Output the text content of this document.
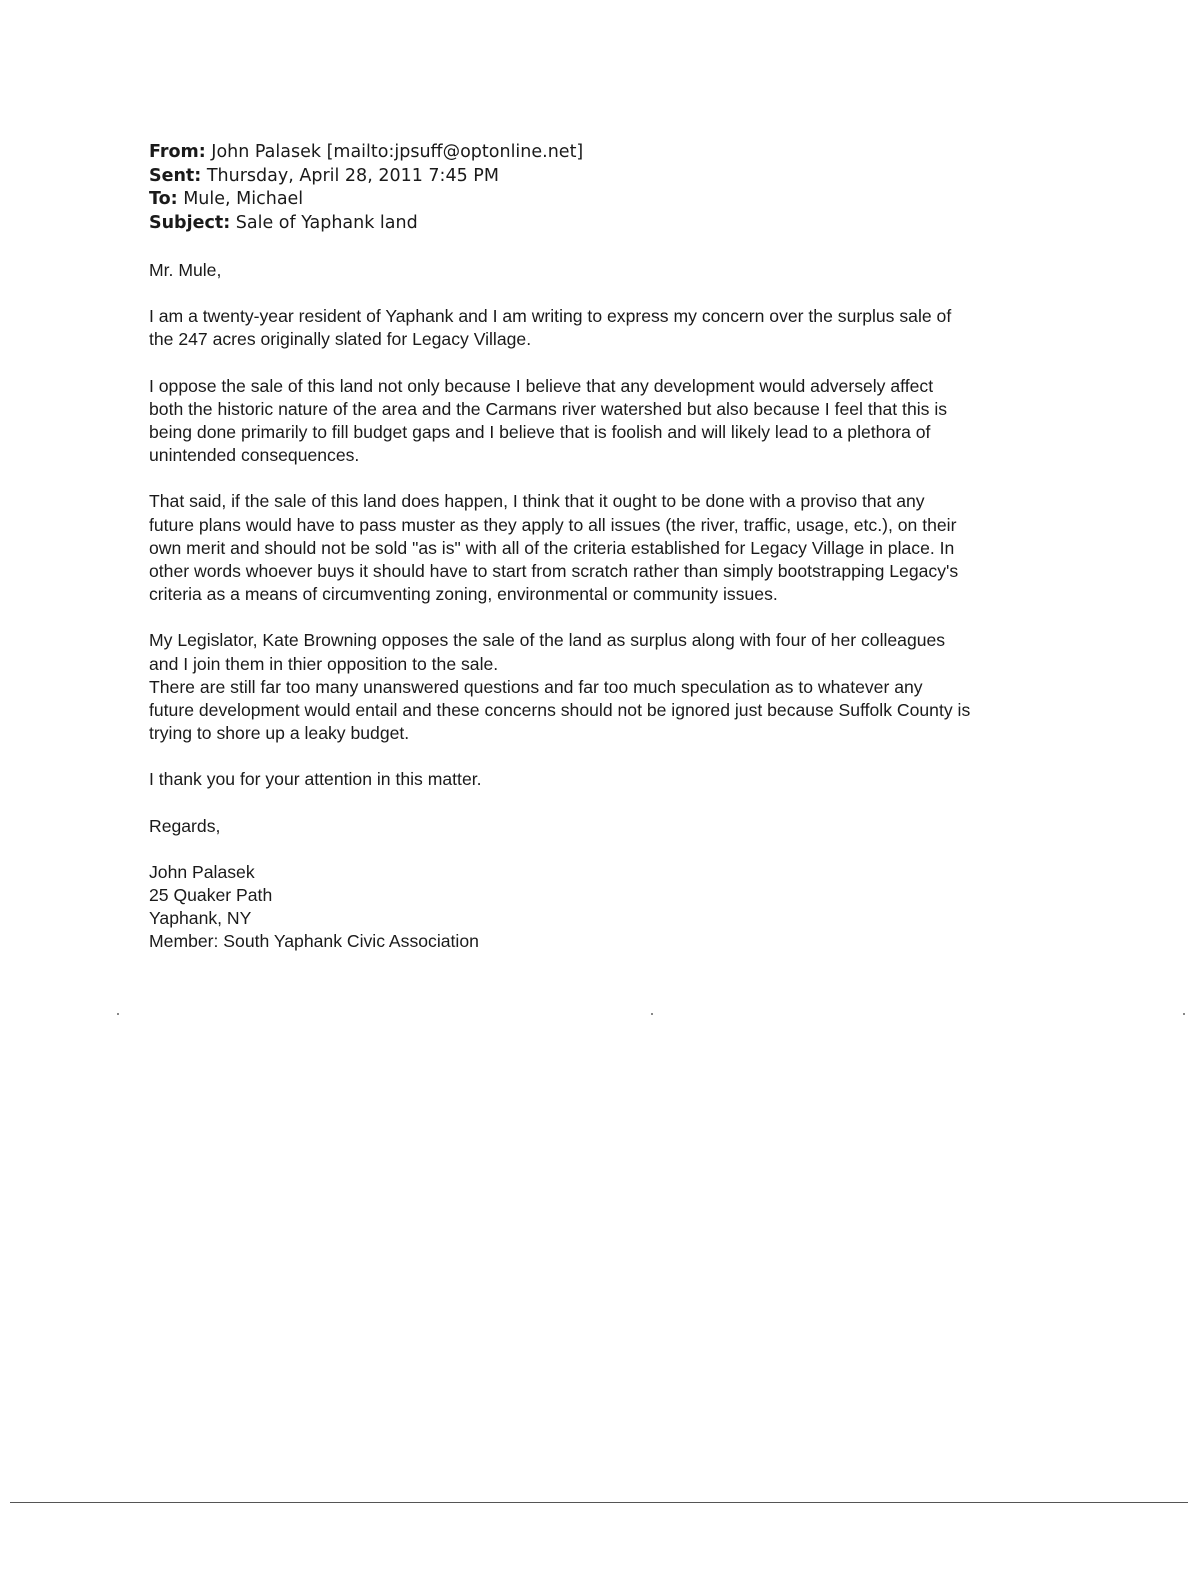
From: John Palasek [mailto:jpsuff@optonline.net]
Sent: Thursday, April 28, 2011 7:45 PM
To: Mule, Michael
Subject: Sale of Yaphank land
Mr. Mule,
I am a twenty-year resident of Yaphank and I am writing to express my concern over the surplus sale of
the 247 acres originally slated for Legacy Village.
I oppose the sale of this land not only because I believe that any development would adversely affect
both the historic nature of the area and the Carmans river watershed but also because I feel that this is
being done primarily to fill budget gaps and I believe that is foolish and will likely lead to a plethora of
unintended consequences.
That said, if the sale of this land does happen, I think that it ought to be done with a proviso that any
future plans would have to pass muster as they apply to all issues (the river, traffic, usage, etc.), on their
own merit and should not be sold "as is" with all of the criteria established for Legacy Village in place. In
other words whoever buys it should have to start from scratch rather than simply bootstrapping Legacy's
criteria as a means of circumventing zoning, environmental or community issues.
My Legislator, Kate Browning opposes the sale of the land as surplus along with four of her colleagues
and I join them in thier opposition to the sale.
There are still far too many unanswered questions and far too much speculation as to whatever any
future development would entail and these concerns should not be ignored just because Suffolk County is
trying to shore up a leaky budget.
I thank you for your attention in this matter.
Regards,
John Palasek
25 Quaker Path
Yaphank, NY
Member: South Yaphank Civic Association
